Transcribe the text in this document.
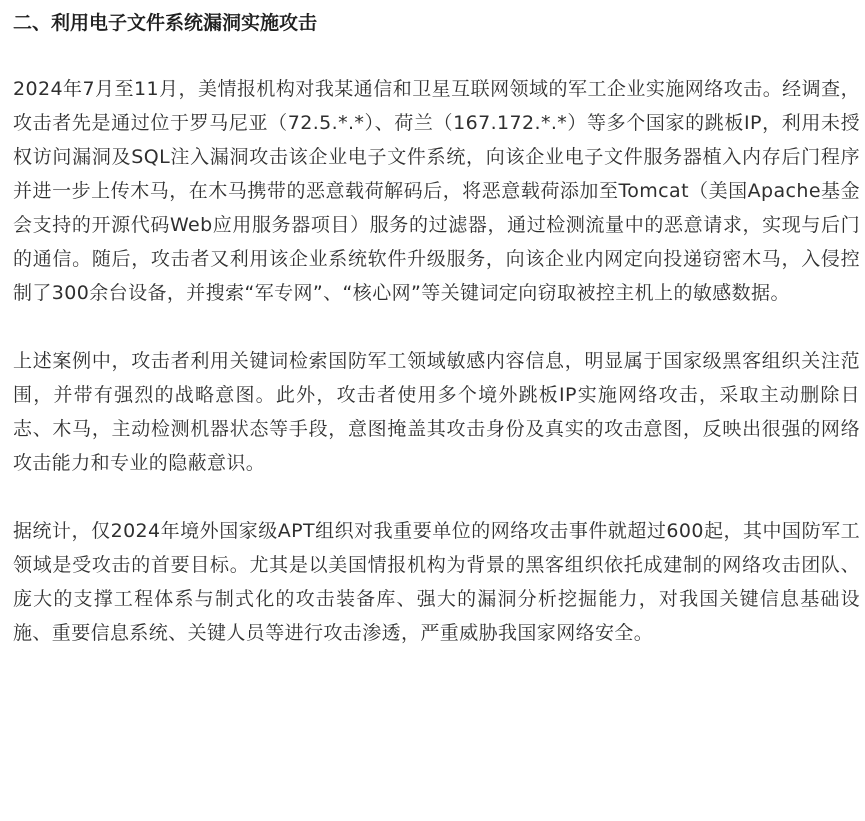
二、利用电子文件系统漏洞实施攻击

2024年7月至11月，美情报机构对我某通信和卫星互联网领域的军工企业实施网络攻击。经调查，攻击者先是通过位于罗马尼亚（72.5.*.*）、荷兰（167.172.*.*）等多个国家的跳板IP，利用未授权访问漏洞及SQL注入漏洞攻击该企业电子文件系统，向该企业电子文件服务器植入内存后门程序并进一步上传木马，在木马携带的恶意载荷解码后，将恶意载荷添加至Tomcat（美国Apache基金会支持的开源代码Web应用服务器项目）服务的过滤器，通过检测流量中的恶意请求，实现与后门的通信。随后，攻击者又利用该企业系统软件升级服务，向该企业内网定向投递窃密木马，入侵控制了300余台设备，并搜索“军专网”、“核心网”等关键词定向窃取被控主机上的敏感数据。

上述案例中，攻击者利用关键词检索国防军工领域敏感内容信息，明显属于国家级黑客组织关注范围，并带有强烈的战略意图。此外，攻击者使用多个境外跳板IP实施网络攻击，采取主动删除日志、木马，主动检测机器状态等手段，意图掩盖其攻击身份及真实的攻击意图，反映出很强的网络攻击能力和专业的隐蔽意识。

据统计，仅2024年境外国家级APT组织对我重要单位的网络攻击事件就超过600起，其中国防军工领域是受攻击的首要目标。尤其是以美国情报机构为背景的黑客组织依托成建制的网络攻击团队、庞大的支撑工程体系与制式化的攻击装备库、强大的漏洞分析挖掘能力，对我国关键信息基础设施、重要信息系统、关键人员等进行攻击渗透，严重威胁我国家网络安全。
